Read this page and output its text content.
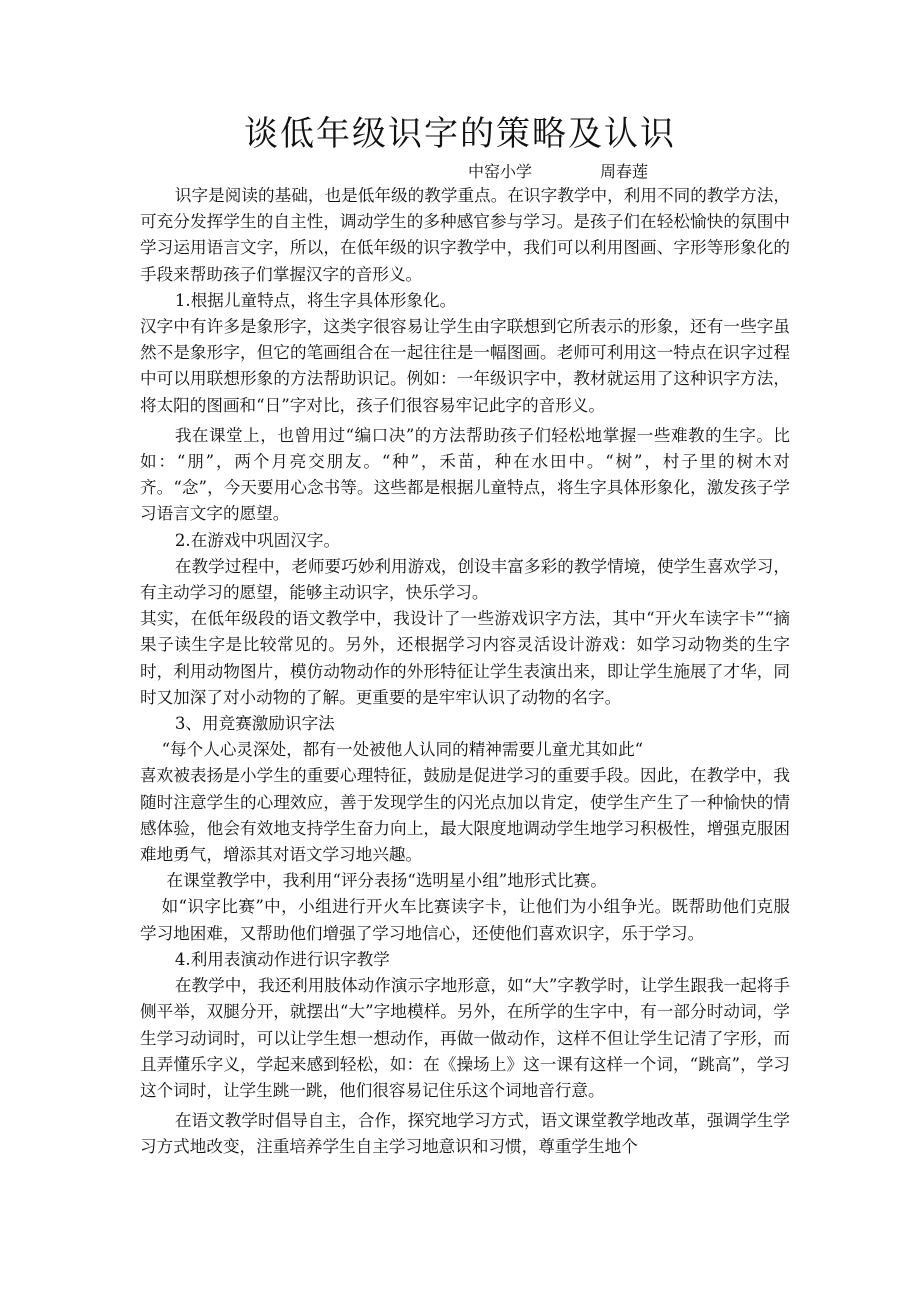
谈低年级识字的策略及认识
中窑小学	周春莲

识字是阅读的基础，也是低年级的教学重点。在识字教学中，利用不同的教学方法，可充分发挥学生的自主性，调动学生的多种感官参与学习。是孩子们在轻松愉快的氛围中学习运用语言文字，所以，在低年级的识字教学中，我们可以利用图画、字形等形象化的手段来帮助孩子们掌握汉字的音形义。

1.根据儿童特点，将生字具体形象化。

汉字中有许多是象形字，这类字很容易让学生由字联想到它所表示的形象，还有一些字虽然不是象形字，但它的笔画组合在一起往往是一幅图画。老师可利用这一特点在识字过程中可以用联想形象的方法帮助识记。例如：一年级识字中，教材就运用了这种识字方法，将太阳的图画和“日”字对比，孩子们很容易牢记此字的音形义。

我在课堂上，也曾用过“编口决”的方法帮助孩子们轻松地掌握一些难教的生字。比如：“朋”，两个月亮交朋友。“种”，禾苗，种在水田中。“树”，村子里的树木对齐。“念”，今天要用心念书等。这些都是根据儿童特点，将生字具体形象化，激发孩子学习语言文字的愿望。

2.在游戏中巩固汉字。

在教学过程中，老师要巧妙利用游戏，创设丰富多彩的教学情境，使学生喜欢学习，有主动学习的愿望，能够主动识字，快乐学习。

其实，在低年级段的语文教学中，我设计了一些游戏识字方法，其中“开火车读字卡”“摘果子读生字是比较常见的。另外，还根据学习内容灵活设计游戏：如学习动物类的生字时，利用动物图片，模仿动物动作的外形特征让学生表演出来，即让学生施展了才华，同时又加深了对小动物的了解。更重要的是牢牢认识了动物的名字。

3、用竞赛激励识字法

“每个人心灵深处，都有一处被他人认同的精神需要儿童尤其如此“

喜欢被表扬是小学生的重要心理特征，鼓励是促进学习的重要手段。因此，在教学中，我随时注意学生的心理效应，善于发现学生的闪光点加以肯定，使学生产生了一种愉快的情感体验，他会有效地支持学生奋力向上，最大限度地调动学生地学习积极性，增强克服困难地勇气，增添其对语文学习地兴趣。

在课堂教学中，我利用“评分表扬“选明星小组”地形式比赛。

如“识字比赛”中，小组进行开火车比赛读字卡，让他们为小组争光。既帮助他们克服学习地困难，又帮助他们增强了学习地信心，还使他们喜欢识字，乐于学习。

4.利用表演动作进行识字教学

在教学中，我还利用肢体动作演示字地形意，如“大”字教学时，让学生跟我一起将手侧平举，双腿分开，就摆出“大”字地模样。另外，在所学的生字中，有一部分时动词，学生学习动词时，可以让学生想一想动作，再做一做动作，这样不但让学生记清了字形，而且弄懂乐字义，学起来感到轻松，如：在《操场上》这一课有这样一个词，“跳高”，学习这个词时，让学生跳一跳，他们很容易记住乐这个词地音行意。

在语文教学时倡导自主，合作，探究地学习方式，语文课堂教学地改革，强调学生学习方式地改变，注重培养学生自主学习地意识和习惯，尊重学生地个
